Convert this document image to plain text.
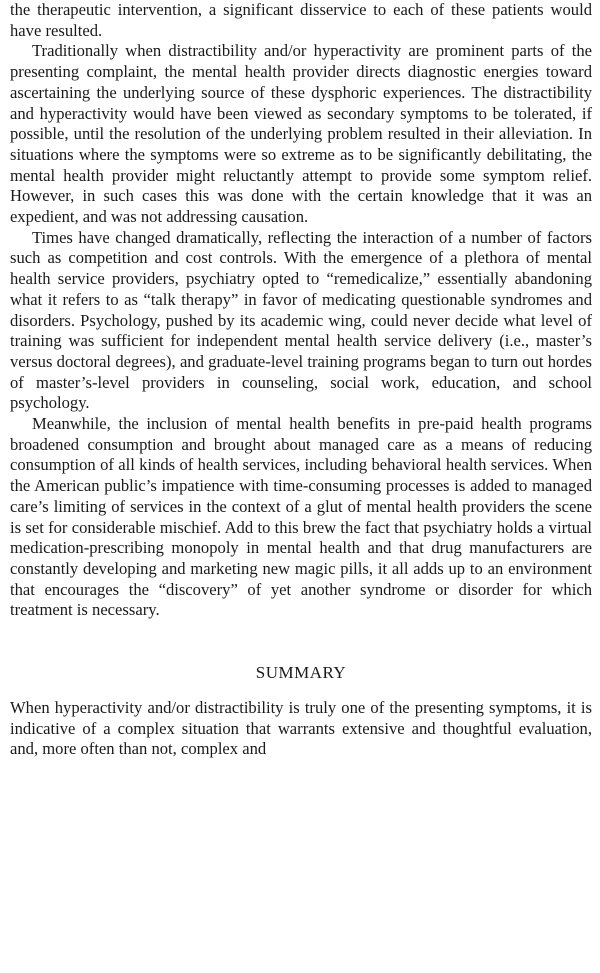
the therapeutic intervention, a significant disservice to each of these patients would have resulted.

Traditionally when distractibility and/or hyperactivity are prominent parts of the presenting complaint, the mental health provider directs diagnostic energies toward ascertaining the underlying source of these dysphoric experiences. The distractibility and hyperactivity would have been viewed as secondary symptoms to be tolerated, if possible, until the resolution of the underlying problem resulted in their alleviation. In situations where the symptoms were so extreme as to be significantly debilitating, the mental health provider might reluctantly attempt to provide some symptom relief. However, in such cases this was done with the certain knowledge that it was an expedient, and was not addressing causation.

Times have changed dramatically, reflecting the interaction of a number of factors such as competition and cost controls. With the emergence of a plethora of mental health service providers, psychiatry opted to “remedicalize,” essentially abandoning what it refers to as “talk therapy” in favor of medicating questionable syndromes and disorders. Psychology, pushed by its academic wing, could never decide what level of training was sufficient for independent mental health service delivery (i.e., master’s versus doctoral degrees), and graduate-level training programs began to turn out hordes of master’s-level providers in counseling, social work, education, and school psychology.

Meanwhile, the inclusion of mental health benefits in pre-paid health programs broadened consumption and brought about managed care as a means of reducing consumption of all kinds of health services, including behavioral health services. When the American public’s impatience with time-consuming processes is added to managed care’s limiting of services in the context of a glut of mental health providers the scene is set for considerable mischief. Add to this brew the fact that psychiatry holds a virtual medication-prescribing monopoly in mental health and that drug manufacturers are constantly developing and marketing new magic pills, it all adds up to an environment that encourages the “discovery” of yet another syndrome or disorder for which treatment is necessary.

SUMMARY

When hyperactivity and/or distractibility is truly one of the presenting symptoms, it is indicative of a complex situation that warrants extensive and thoughtful evaluation, and, more often than not, complex and
